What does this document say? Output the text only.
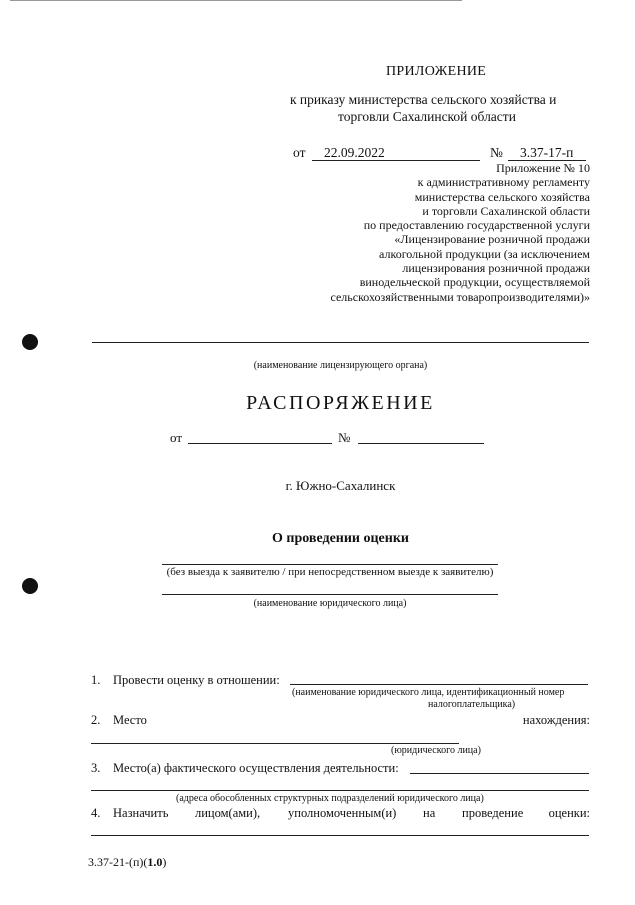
ПРИЛОЖЕНИЕ
к приказу министерства сельского хозяйства и
торговли Сахалинской области
от 22.09.2022	№ 3.37-17-п
Приложение № 10
к административному регламенту
министерства сельского хозяйства
и торговли Сахалинской области
по предоставлению государственной услуги
«Лицензирование розничной продажи
алкогольной продукции (за исключением
лицензирования розничной продажи
винодельческой продукции, осуществляемой
сельскохозяйственными товаропроизводителями)»
(наименование лицензирующего органа)
РАСПОРЯЖЕНИЕ
от	№
г. Южно-Сахалинск
О проведении оценки
(без выезда к заявителю / при непосредственном выезде к заявителю)
(наименование юридического лица)
1. Провести оценку в отношении:
(наименование юридического лица, идентификационный номер
налогоплательщика)
2. Место	нахождения:
(юридического лица)
3. Место(а) фактического осуществления деятельности:
(адреса обособленных структурных подразделений юридического лица)
4. Назначить лицом(ами), уполномоченным(и) на проведение оценки:
3.37-21-(п)(1.0)
